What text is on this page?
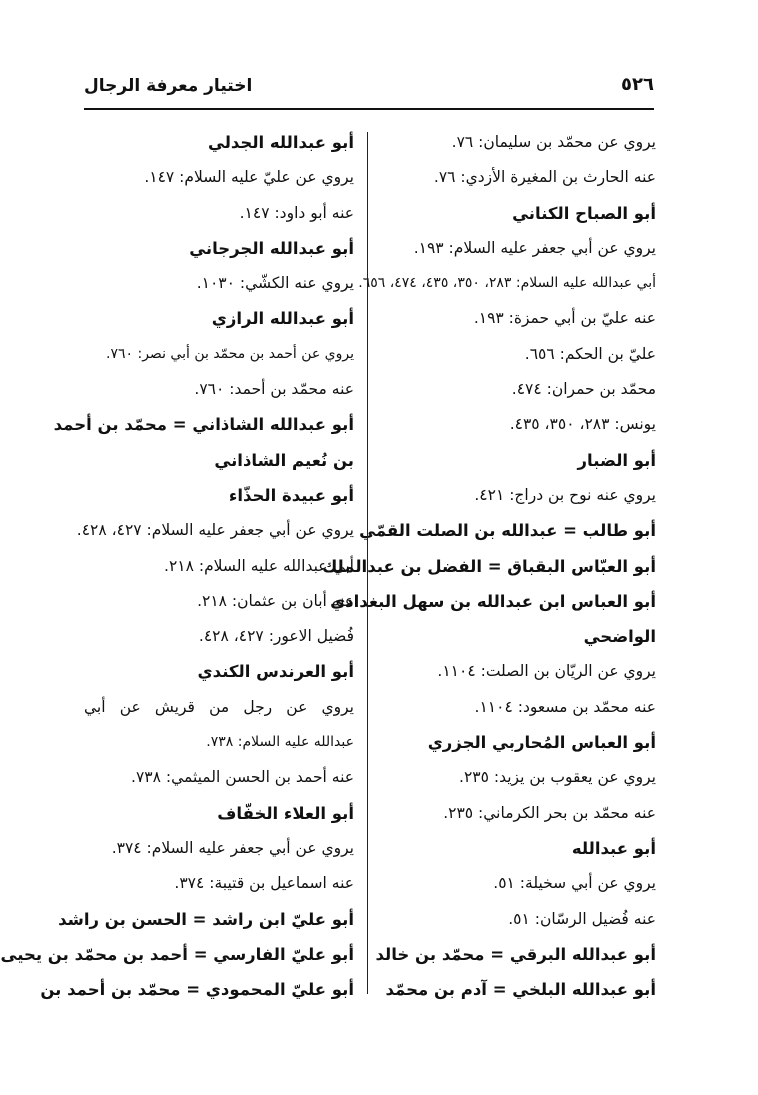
٥٢٦
اختيار معرفة الرجال
يروي عن محمّد بن سليمان: ٧٦.
عنه الحارث بن المغيرة الأزدي: ٧٦.
أبو الصباح الكناني
يروي عن أبي جعفر عليه السلام: ١٩٣.
أبي عبدالله عليه السلام: ٢٨٣، ٣٥٠، ٤٣٥، ٤٧٤، ٦٥٦.
عنه عليّ بن أبي حمزة: ١٩٣.
عليّ بن الحكم: ٦٥٦.
محمّد بن حمران: ٤٧٤.
يونس: ٢٨٣، ٣٥٠، ٤٣٥.
أبو الضبار
يروي عنه نوح بن دراج: ٤٢١.
أبو طالب = عبدالله بن الصلت القمّي
أبو العبّاس البقباق = الفضل بن عبدالملك
أبو العباس ابن عبدالله بن سهل البغدادي
الواضحي
يروي عن الريّان بن الصلت: ١١٠٤.
عنه محمّد بن مسعود: ١١٠٤.
أبو العباس المُحاربي الجزري
يروي عن يعقوب بن يزيد: ٢٣٥.
عنه محمّد بن بحر الكرماني: ٢٣٥.
أبو عبدالله
يروي عن أبي سخيلة: ٥١.
عنه فُضيل الرسّان: ٥١.
أبو عبدالله البرقي = محمّد بن خالد
أبو عبدالله البلخي = آدم بن محمّد
أبو عبدالله الجدلي
يروي عن عليّ عليه السلام: ١٤٧.
عنه أبو داود: ١٤٧.
أبو عبدالله الجرجاني
يروي عنه الكشّي: ١٠٣٠.
أبو عبدالله الرازي
يروي عن أحمد بن محمّد بن أبي نصر: ٧٦٠.
عنه محمّد بن أحمد: ٧٦٠.
أبو عبدالله الشاذاني = محمّد بن أحمد
بن نُعيم الشاذاني
أبو عبيدة الحذّاء
يروي عن أبي جعفر عليه السلام: ٤٢٧، ٤٢٨.
أبي عبدالله عليه السلام: ٢١٨.
عنه أبان بن عثمان: ٢١٨.
فُضيل الاعور: ٤٢٧، ٤٢٨.
أبو العرندس الكندي
يروي عن رجل من قريش عن أبي
عبدالله عليه السلام: ٧٣٨.
عنه أحمد بن الحسن الميثمي: ٧٣٨.
أبو العلاء الخفّاف
يروي عن أبي جعفر عليه السلام: ٣٧٤.
عنه اسماعيل بن قتيبة: ٣٧٤.
أبو عليّ ابن راشد = الحسن بن راشد
أبو عليّ الفارسي = أحمد بن محمّد بن يحيى
أبو عليّ المحمودي = محمّد بن أحمد بن
